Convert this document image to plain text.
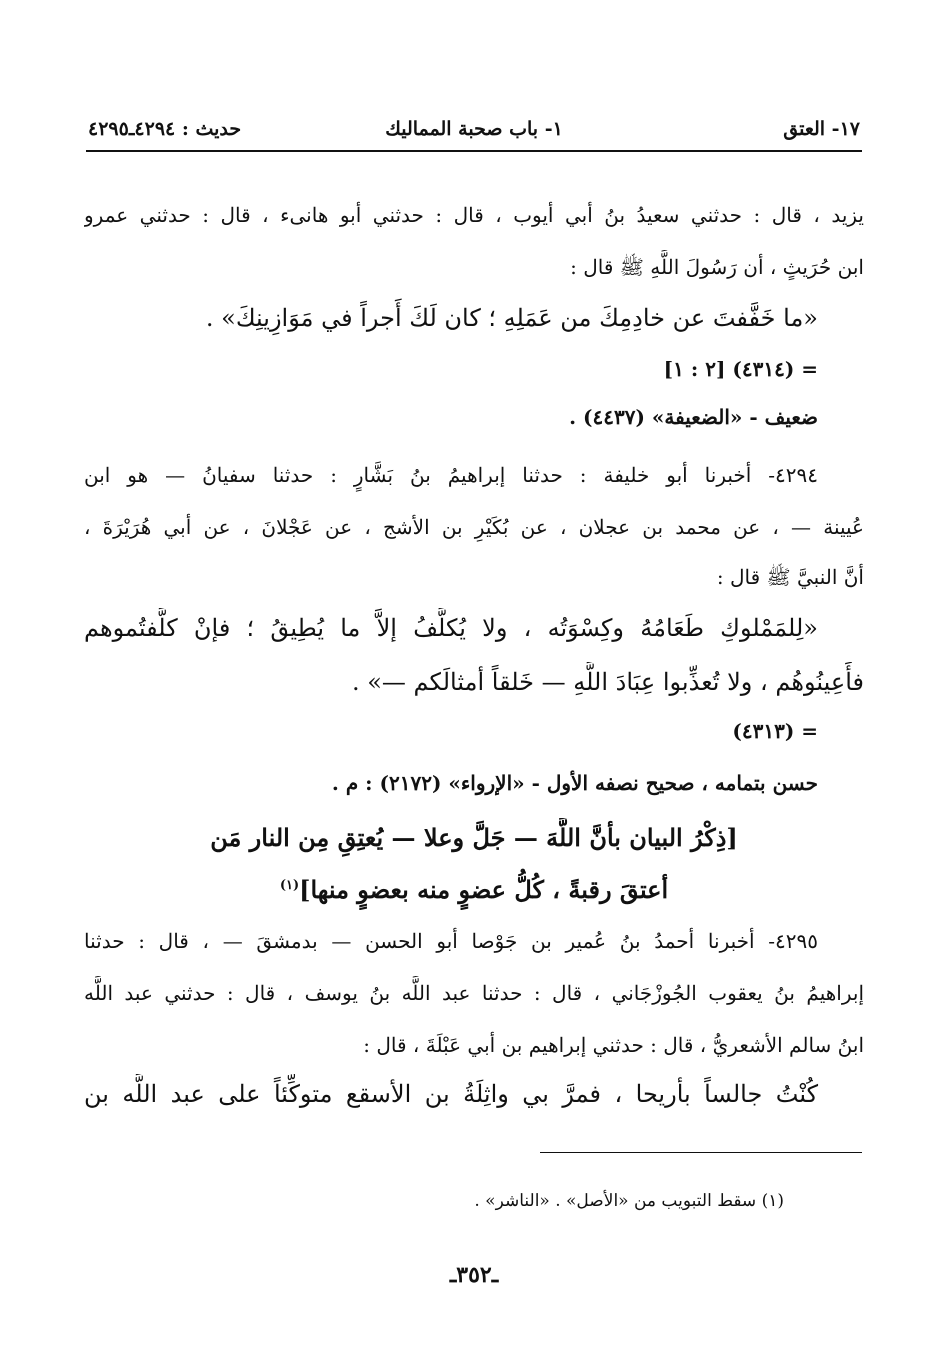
١٧- العتق
١- باب صحبة المماليك
حديث : ٤٢٩٤ـ٤٢٩٥
يزيد ، قال : حدثني سعيدُ بنُ أبي أيوب ، قال : حدثني أبو هانىء ، قال : حدثني عمرو
ابن حُرَيثٍ ، أن رَسُولَ اللَّهِ ﷺ قال :
«ما خَفَّفتَ عن خادِمِكَ من عَمَلِهِ ؛ كان لَكَ أَجراً في مَوَازِينِكَ» .
= (٤٣١٤) [٢ : ١]
ضعيف - «الضعيفة» (٤٤٣٧) .
٤٢٩٤- أخبرنا أبو خليفة : حدثنا إبراهيمُ بنُ بَشَّارٍ : حدثنا سفيانُ — هو ابن
عُيينة — ، عن محمد بن عجلان ، عن بُكَيْرِ بن الأشج ، عن عَجْلانَ ، عن أبي هُرَيْرَةَ ،
أنَّ النبيَّ ﷺ قال :
«لِلمَمْلوكِ طَعَامُهُ وكِسْوَتُه ، ولا يُكلَّفُ إلاَّ ما يُطِيقُ ؛ فإنْ كلَّفتُموهم
فأَعِينُوهُم ، ولا تُعذِّبوا عِبَادَ اللَّهِ — خَلقاً أمثالَكم —» .
= (٤٣١٣)
حسن بتمامه ، صحيح نصفه الأول - «الإرواء» (٢١٧٢) : م .
[ذِكْرُ البيان بأنَّ اللَّهَ — جَلَّ وعلا — يُعتِقِ مِن النار مَن
أعتقَ رقبةً ، كُلُّ عضوٍ منه بعضوٍ منها]$^{(١)}$
٤٢٩٥- أخبرنا أحمدُ بنُ عُمير بن جَوْصا أبو الحسن — بدمشقَ — ، قال : حدثنا
إبراهيمُ بنُ يعقوب الجُوزْجَاني ، قال : حدثنا عبد اللَّه بنُ يوسف ، قال : حدثني عبد اللَّه
ابنُ سالم الأشعريُّ ، قال : حدثني إبراهيم بن أبي عَبْلَةَ ، قال :
كُنْتُ جالساً بأريحا ، فمرَّ بي واثِلَةُ بن الأسقع متوكِّئاً على عبد اللَّه بن
(١) سقط التبويب من «الأصل» . «الناشر» .
ـ٣٥٢ـ
